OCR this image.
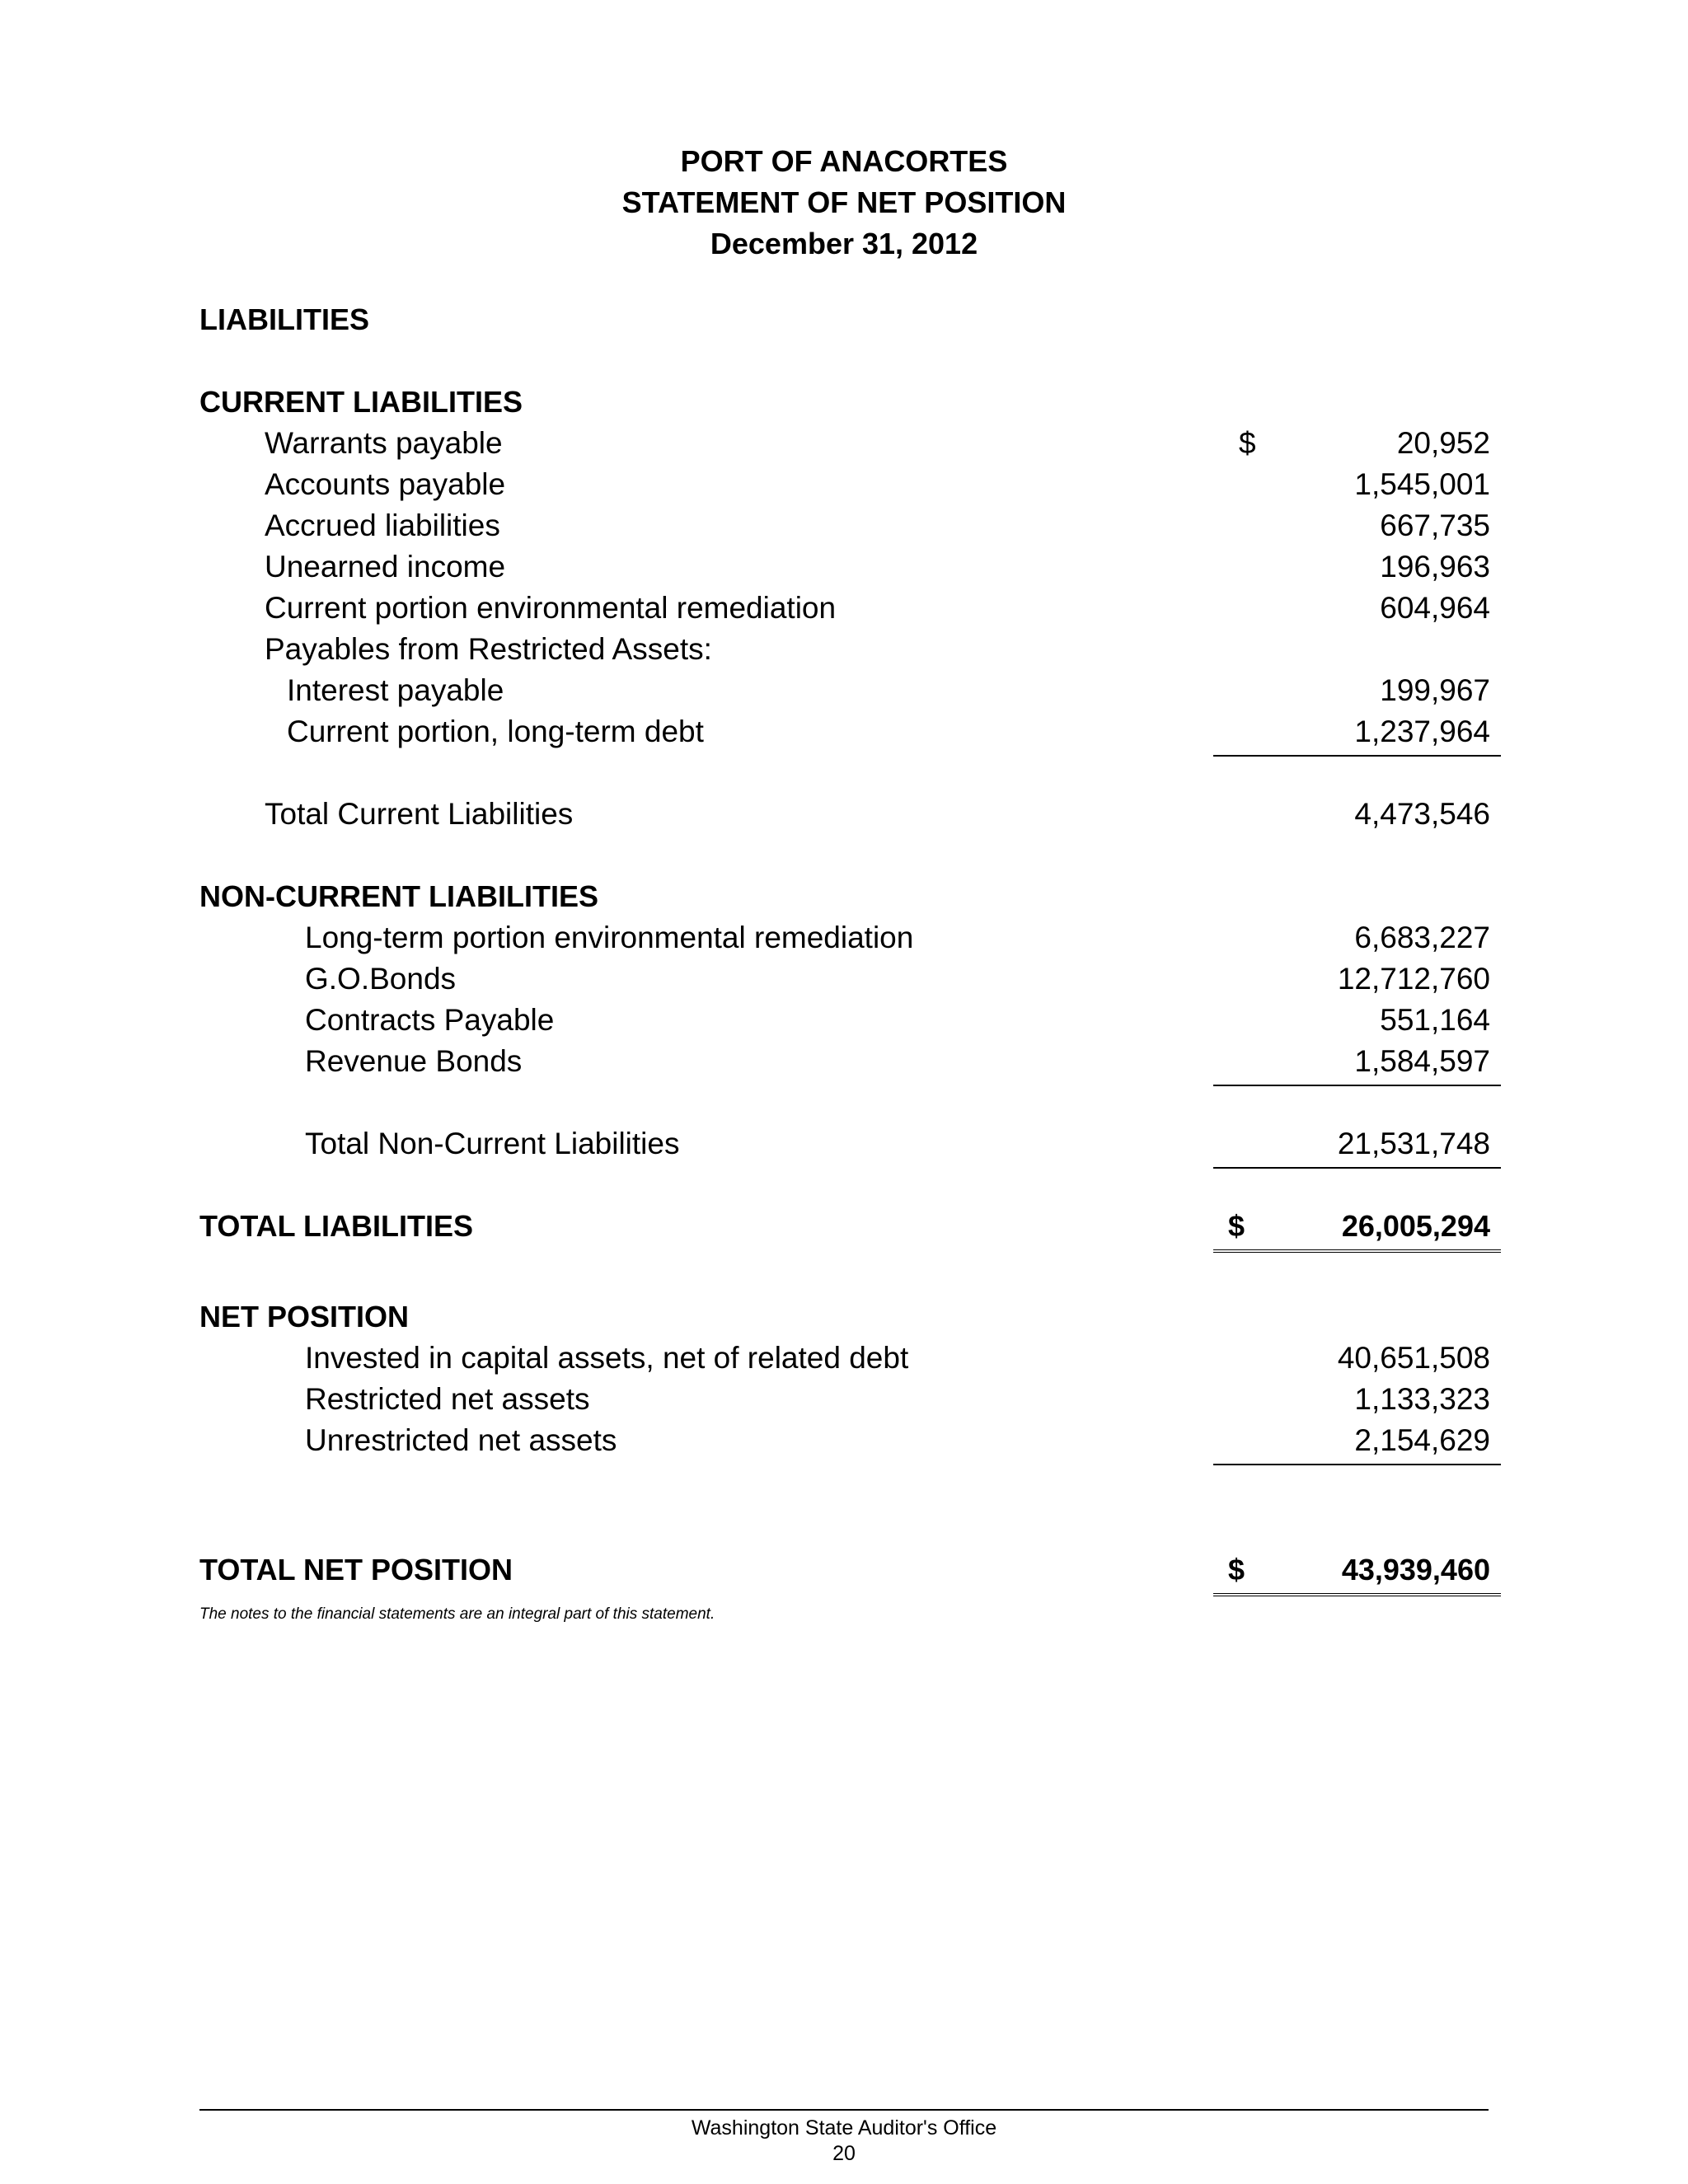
PORT OF ANACORTES
STATEMENT OF NET POSITION
December 31, 2012
LIABILITIES
CURRENT LIABILITIES
Warrants payable	$	20,952
Accounts payable	1,545,001
Accrued liabilities	667,735
Unearned income	196,963
Current portion environmental remediation	604,964
Payables from Restricted Assets:
Interest payable	199,967
Current portion, long-term debt	1,237,964
Total Current Liabilities	4,473,546
NON-CURRENT LIABILITIES
Long-term portion environmental remediation	6,683,227
G.O.Bonds	12,712,760
Contracts Payable	551,164
Revenue Bonds	1,584,597
Total Non-Current Liabilities	21,531,748
TOTAL LIABILITIES	$	26,005,294
NET POSITION
Invested in capital assets, net of related debt	40,651,508
Restricted net assets	1,133,323
Unrestricted net assets	2,154,629
TOTAL NET POSITION	$	43,939,460
The notes to the financial statements are an integral part of this statement.
Washington State Auditor's Office
20
